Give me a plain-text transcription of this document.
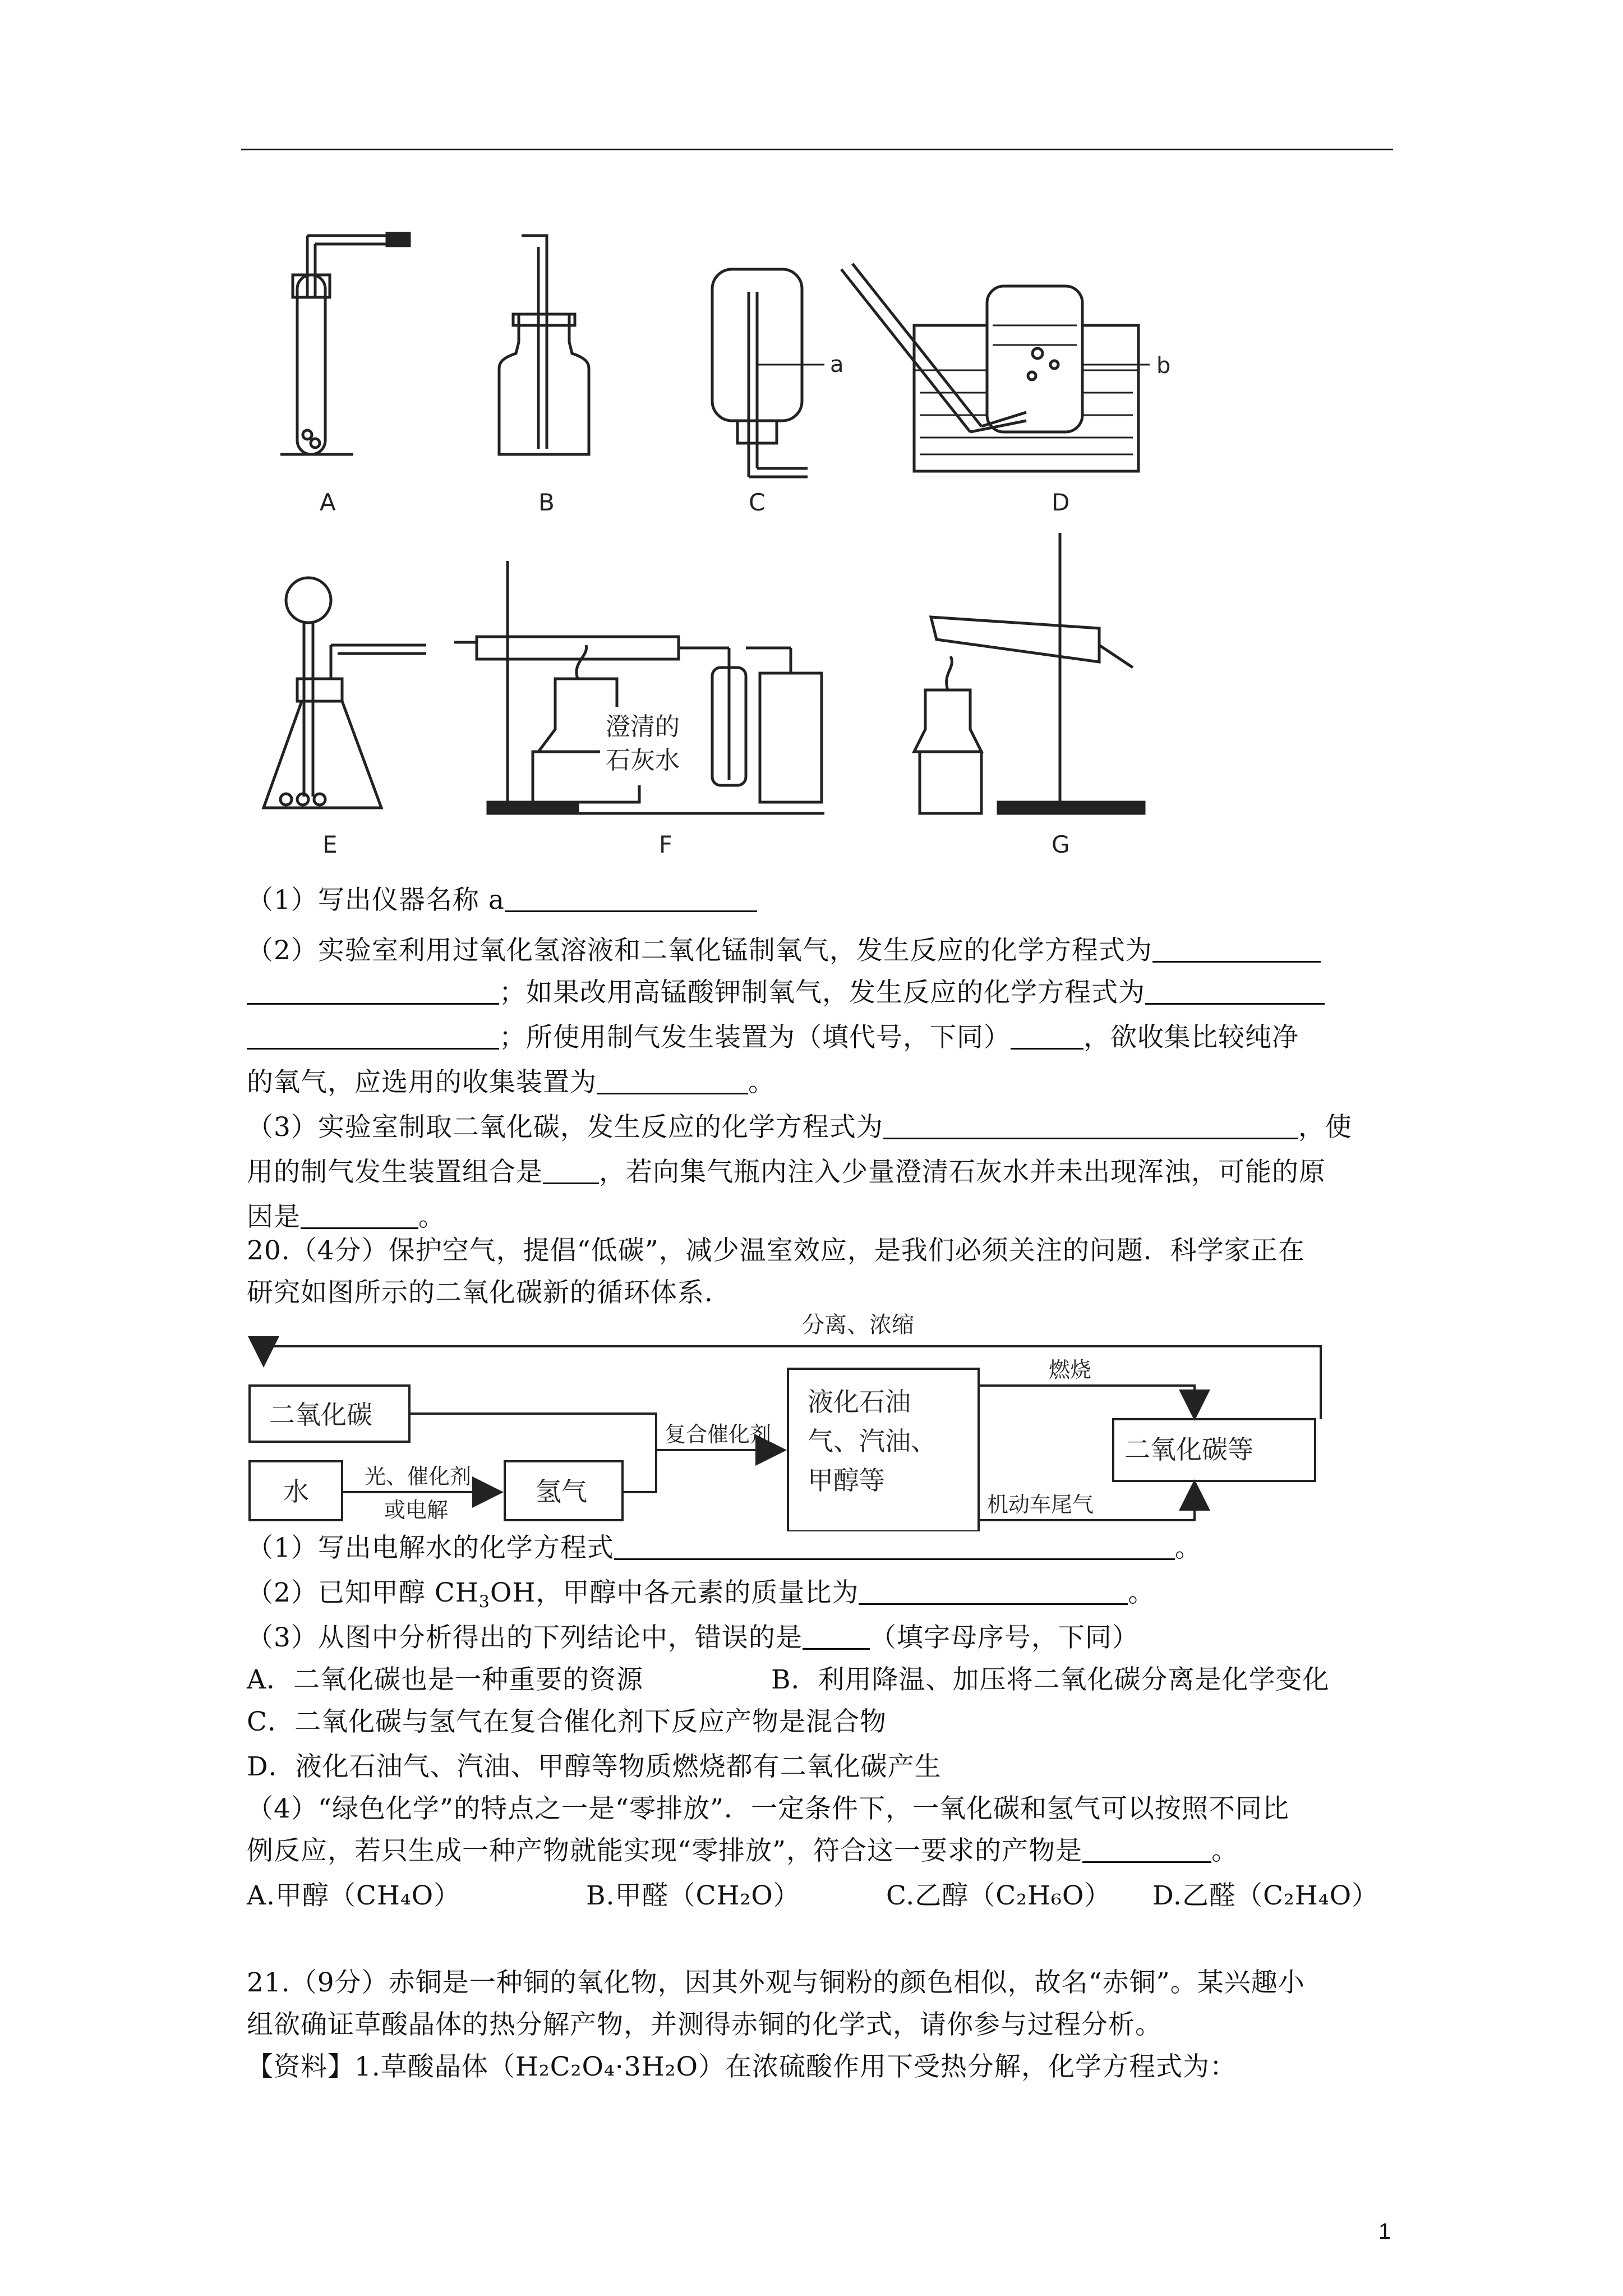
a	b
A	B	C	D
E	F	G
澄清的
石灰水
（1）写出仪器名称 a
（2）实验室利用过氧化氢溶液和二氧化锰制氧气，发生反应的化学方程式为
；如果改用高锰酸钾制氧气，发生反应的化学方程式为
；所使用制气发生装置为（填代号，下同）	，欲收集比较纯净
的氧气，应选用的收集装置为	。
（3）实验室制取二氧化碳，发生反应的化学方程式为	，使
用的制气发生装置组合是 ，若向集气瓶内注入少量澄清石灰水并未出现浑浊，可能的原
因是	。
20.（4分）保护空气，提倡“低碳”，减少温室效应，是我们必须关注的问题．科学家正在
研究如图所示的二氧化碳新的循环体系．
分离、浓缩
二氧化碳
水	氢气
光、催化剂
或电解
复合催化剂
液化石油
气、汽油、
甲醇等
燃烧
机动车尾气
二氧化碳等
（1）写出电解水的化学方程式	。
（2）已知甲醇 $CH_3OH$，甲醇中各元素的质量比为	。
（3）从图中分析得出的下列结论中，错误的是	（填字母序号，下同）
A．二氧化碳也是一种重要的资源	B．利用降温、加压将二氧化碳分离是化学变化
C．二氧化碳与氢气在复合催化剂下反应产物是混合物
D．液化石油气、汽油、甲醇等物质燃烧都有二氧化碳产生
（4）“绿色化学”的特点之一是“零排放”．一定条件下，一氧化碳和氢气可以按照不同比
例反应，若只生成一种产物就能实现“零排放”，符合这一要求的产物是	。
A.甲醇（CH₄O）	B.甲醛（CH₂O）	C.乙醇（C₂H₆O） D.乙醛（C₂H₄O）
21.（9分）赤铜是一种铜的氧化物，因其外观与铜粉的颜色相似，故名“赤铜”。某兴趣小
组欲确证草酸晶体的热分解产物，并测得赤铜的化学式，请你参与过程分析。
【资料】1.草酸晶体（H₂C₂O₄·3H₂O）在浓硫酸作用下受热分解，化学方程式为：
1
